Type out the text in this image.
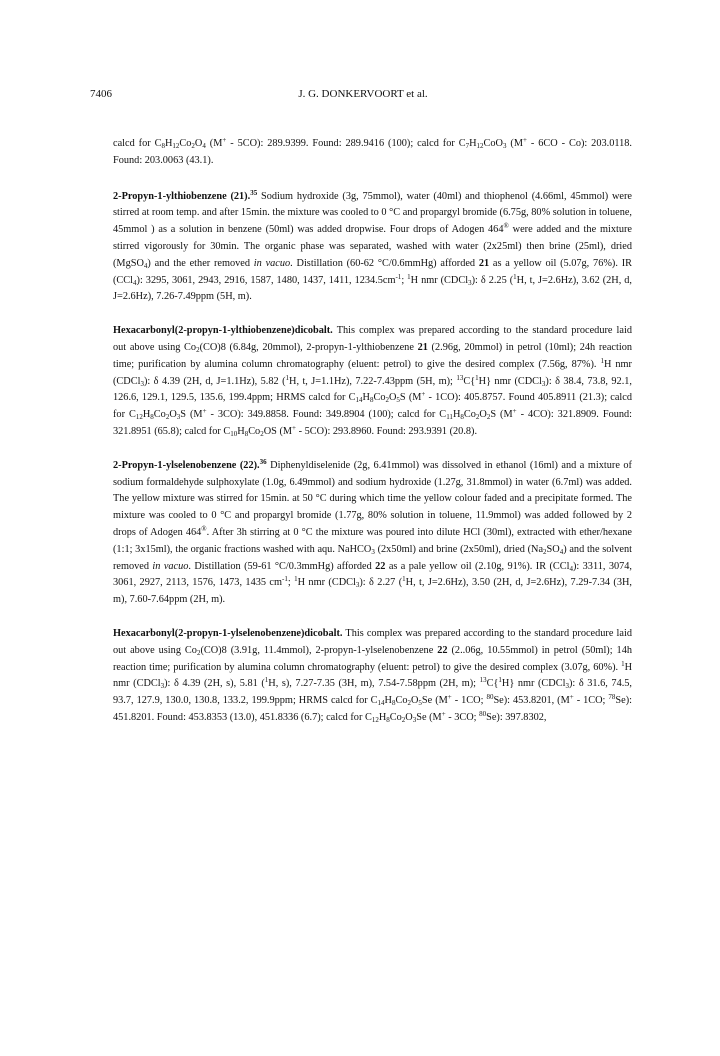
7406	J. G. DONKERVOORT et al.

calcd for $C_8H_{12}Co_2O_4$ (M+ - 5CO): 289.9399. Found: 289.9416 (100); calcd for $C_7H_{12}CoO_3$ (M+ - 6CO - Co): 203.0118. Found: 203.0063 (43.1).

2-Propyn-1-ylthiobenzene (21).$^{35}$ Sodium hydroxide (3g, 75mmol), water (40ml) and thiophenol (4.66ml, 45mmol) were stirred at room temp. and after 15min. the mixture was cooled to 0 °C and propargyl bromide (6.75g, 80% solution in toluene, 45mmol ) as a solution in benzene (50ml) was added dropwise. Four drops of Adogen 464® were added and the mixture stirred vigorously for 30min. The organic phase was separated, washed with water (2x25ml) then brine (25ml), dried (MgSO$_4$) and the ether removed in vacuo. Distillation (60-62 °C/0.6mmHg) afforded 21 as a yellow oil (5.07g, 76%). IR (CCl$_4$): 3295, 3061, 2943, 2916, 1587, 1480, 1437, 1411, $1234.5cm^{-1}$; $^1$H nmr (CDCl$_3$): δ 2.25 ($^1$H, t, J=2.6Hz), 3.62 (2H, d, J=2.6Hz), 7.26-7.49ppm (5H, m).

Hexacarbonyl(2-propyn-1-ylthiobenzene)dicobalt. This complex was prepared according to the standard procedure laid out above using $Co_2(CO)8$ (6.84g, 20mmol), 2-propyn-1-ylthiobenzene 21 (2.96g, 20mmol) in petrol (10ml); 24h reaction time; purification by alumina column chromatography (eluent: petrol) to give the desired complex (7.56g, 87%). $^1$H nmr (CDCl$_3$): δ 4.39 (2H, d, J=1.1Hz), 5.82 ($^1$H, t, J=1.1Hz), 7.22-7.43ppm (5H, m); $^{13}$C{$^1$H} nmr (CDCl$_3$): δ 38.4, 73.8, 92.1, 126.6, 129.1, 129.5, 135.6, 199.4ppm; HRMS calcd for $C_{14}H_8Co_2O_5S$ (M+ - 1CO): 405.8757. Found 405.8911 (21.3); calcd for $C_{12}H_8Co_2O_3S$ (M+ - 3CO): 349.8858. Found: 349.8904 (100); calcd for $C_{11}H_8Co_2O_2S$ (M+ - 4CO): 321.8909. Found: 321.8951 (65.8); calcd for $C_{10}H_8Co_2OS$ (M+ - 5CO): 293.8960. Found: 293.9391 (20.8).

2-Propyn-1-ylselenobenzene (22).$^{36}$ Diphenyldiselenide (2g, 6.41mmol) was dissolved in ethanol (16ml) and a mixture of sodium formaldehyde sulphoxylate (1.0g, 6.49mmol) and sodium hydroxide (1.27g, 31.8mmol) in water (6.7ml) was added. The yellow mixture was stirred for 15min. at 50 °C during which time the yellow colour faded and a precipitate formed. The mixture was cooled to 0 °C and propargyl bromide (1.77g, 80% solution in toluene, 11.9mmol) was added followed by 2 drops of Adogen 464®. After 3h stirring at 0 °C the mixture was poured into dilute HCl (30ml), extracted with ether/hexane (1:1; 3x15ml), the organic fractions washed with aqu. NaHCO$_3$ (2x50ml) and brine (2x50ml), dried $(Na_2SO_4)$ and the solvent removed in vacuo. Distillation (59-61 °C/0.3mmHg) afforded 22 as a pale yellow oil (2.10g, 91%). IR (CCl$_4$): 3311, 3074, 3061, 2927, 2113, 1576, 1473, 1435 $cm^{-1}$; $^1$H nmr (CDCl$_3$): δ 2.27 ($^1$H, t, J=2.6Hz), 3.50 (2H, d, J=2.6Hz), 7.29-7.34 (3H, m), 7.60-7.64ppm (2H, m).

Hexacarbonyl(2-propyn-1-ylselenobenzene)dicobalt. This complex was prepared according to the standard procedure laid out above using $Co_2(CO)8$ (3.91g, 11.4mmol), 2-propyn-1-ylselenobenzene 22 (2..06g, 10.55mmol) in petrol (50ml); 14h reaction time; purification by alumina column chromatography (eluent: petrol) to give the desired complex (3.07g, 60%). $^1$H nmr (CDCl$_3$): δ 4.39 (2H, s), 5.81 ($^1$H, s), 7.27-7.35 (3H, m), 7.54-7.58ppm (2H, m); $^{13}$C{$^1$H} nmr (CDCl$_3$): δ 31.6, 74.5, 93.7, 127.9, 130.0, 130.8, 133.2, 199.9ppm; HRMS calcd for $C_{14}H_8Co_2O_5Se$ (M+ - 1CO; $^{80}$Se): 453.8201, (M+ - 1CO; $^{78}$Se): 451.8201. Found: 453.8353 (13.0), 451.8336 (6.7); calcd for $C_{12}H_8Co_2O_3Se$ (M+ - 3CO; $^{80}$Se): 397.8302,
